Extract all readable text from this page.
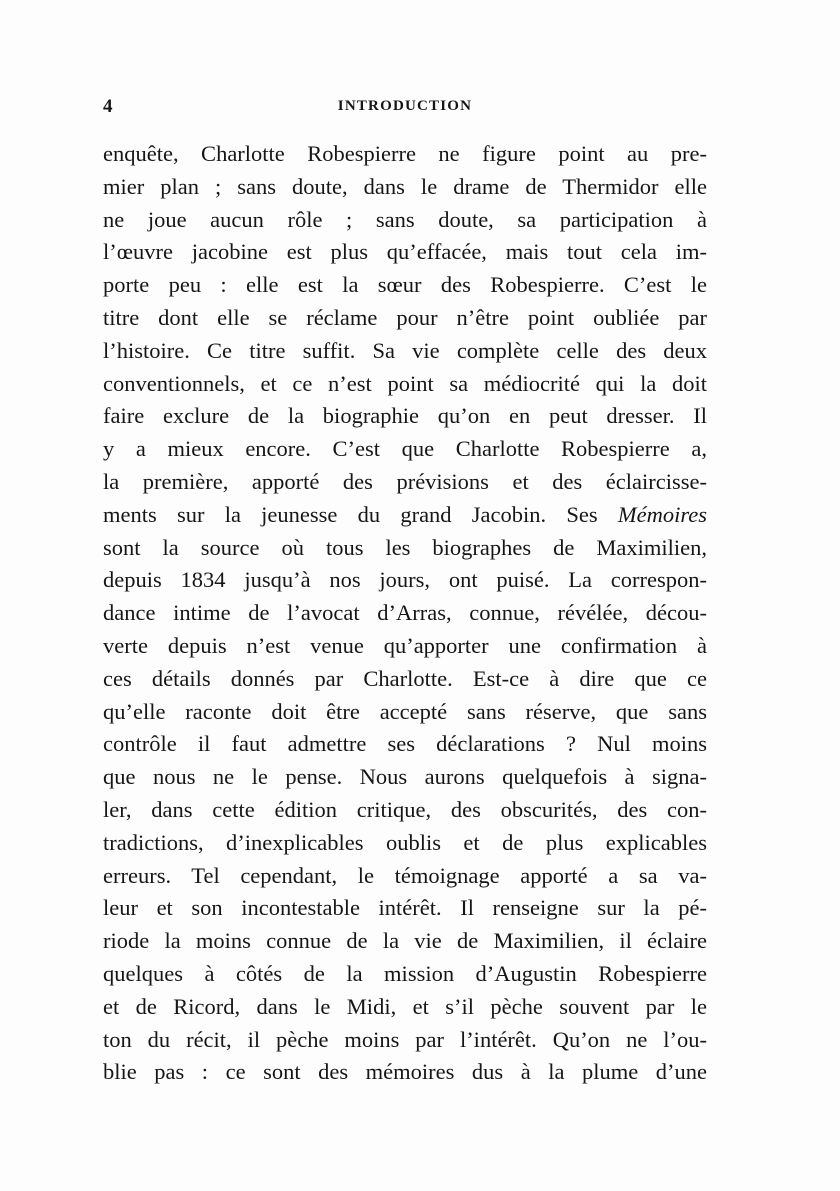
4	INTRODUCTION
enquête, Charlotte Robespierre ne figure point au pre-
mier plan ; sans doute, dans le drame de Thermidor elle
ne joue aucun rôle ; sans doute, sa participation à
l’œuvre jacobine est plus qu’effacée, mais tout cela im-
porte peu : elle est la sœur des Robespierre. C’est le
titre dont elle se réclame pour n’être point oubliée par
l’histoire. Ce titre suffit. Sa vie complète celle des deux
conventionnels, et ce n’est point sa médiocrité qui la doit
faire exclure de la biographie qu’on en peut dresser. Il
y a mieux encore. C’est que Charlotte Robespierre a,
la première, apporté des prévisions et des éclaircisse-
ments sur la jeunesse du grand Jacobin. Ses Mémoires
sont la source où tous les biographes de Maximilien,
depuis 1834 jusqu’à nos jours, ont puisé. La correspon-
dance intime de l’avocat d’Arras, connue, révélée, décou-
verte depuis n’est venue qu’apporter une confirmation à
ces détails donnés par Charlotte. Est-ce à dire que ce
qu’elle raconte doit être accepté sans réserve, que sans
contrôle il faut admettre ses déclarations ? Nul moins
que nous ne le pense. Nous aurons quelquefois à signa-
ler, dans cette édition critique, des obscurités, des con-
tradictions, d’inexplicables oublis et de plus explicables
erreurs. Tel cependant, le témoignage apporté a sa va-
leur et son incontestable intérêt. Il renseigne sur la pé-
riode la moins connue de la vie de Maximilien, il éclaire
quelques à côtés de la mission d’Augustin Robespierre
et de Ricord, dans le Midi, et s’il pèche souvent par le
ton du récit, il pèche moins par l’intérêt. Qu’on ne l’ou-
blie pas : ce sont des mémoires dus à la plume d’une
